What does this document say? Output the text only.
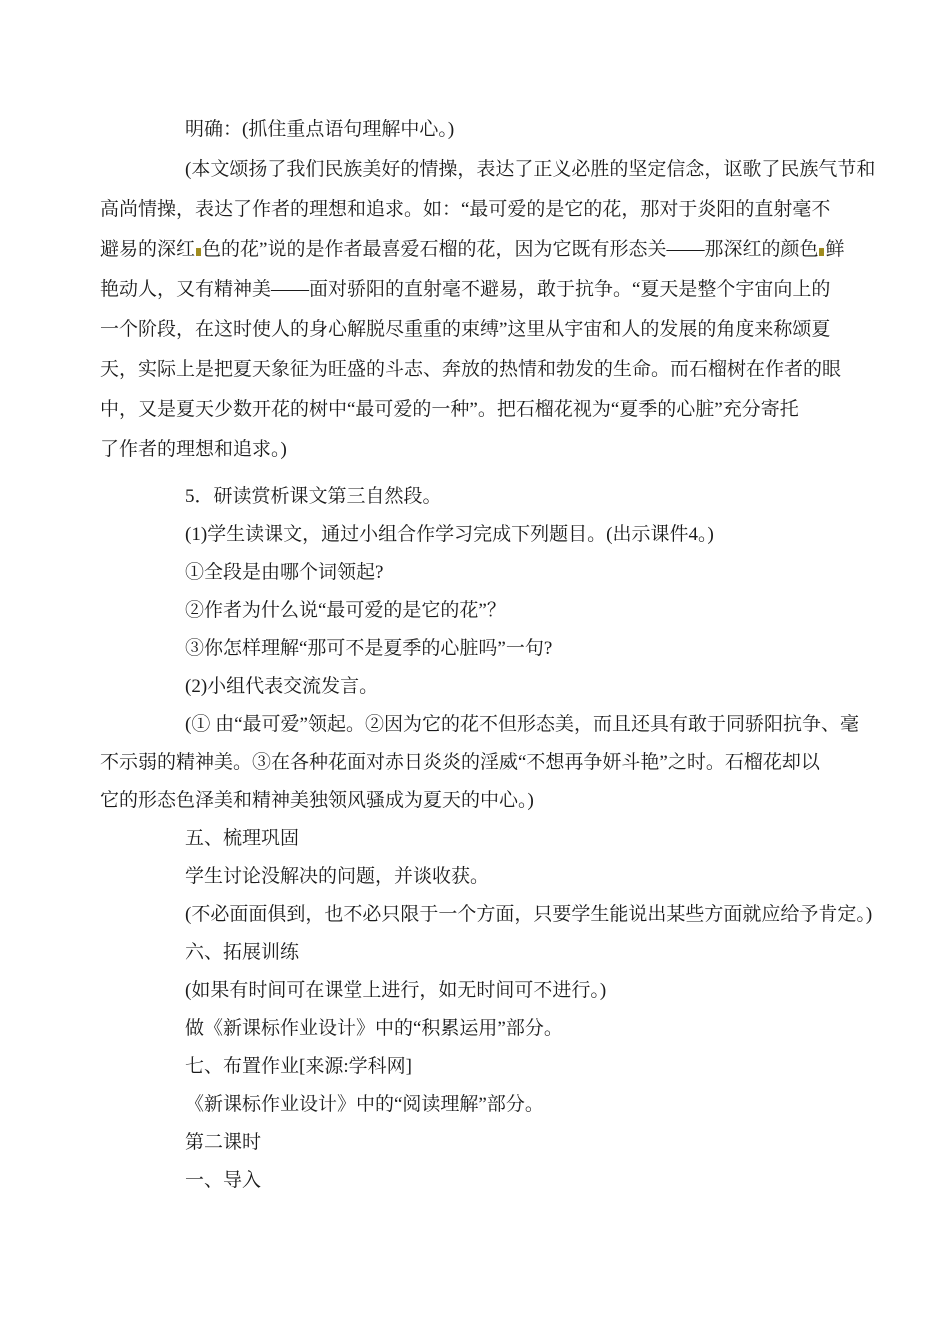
明确：(抓住重点语句理解中心。)

(本文颂扬了我们民族美好的情操，表达了正义必胜的坚定信念，讴歌了民族气节和

高尚情操，表达了作者的理想和追求。如：“最可爱的是它的花，那对于炎阳的直射毫不

避易的深红 色的花”说的是作者最喜爱石榴的花，因为它既有形态关——那深红的颜色 鲜

艳动人，又有精神美——面对骄阳的直射毫不避易，敢于抗争。“夏天是整个宇宙向上的

一个阶段，在这时使人的身心解脱尽重重的束缚”这里从宇宙和人的发展的角度来称颂夏

天，实际上是把夏天象征为旺盛的斗志、奔放的热情和勃发的生命。而石榴树在作者的眼

中，又是夏天少数开花的树中“最可爱的一种”。把石榴花视为“夏季的心脏”充分寄托

了作者的理想和追求。)

5．研读赏析课文第三自然段。

(1)学生读课文，通过小组合作学习完成下列题目。(出示课件4。)

①全段是由哪个词领起?

②作者为什么说“最可爱的是它的花”？

③你怎样理解“那可不是夏季的心脏吗”一句?

(2)小组代表交流发言。

(① 由“最可爱”领起。②因为它的花不但形态美，而且还具有敢于同骄阳抗争、毫

不示弱的精神美。③在各种花面对赤日炎炎的淫威“不想再争妍斗艳”之时。石榴花却以

它的形态色泽美和精神美独领风骚成为夏天的中心。)

五、梳理巩固

学生讨论没解决的问题，并谈收获。

(不必面面俱到，也不必只限于一个方面，只要学生能说出某些方面就应给予肯定。)

六、拓展训练

(如果有时间可在课堂上进行，如无时间可不进行。)

做《新课标作业设计》中的“积累运用”部分。

七、布置作业[来源:学科网]

《新课标作业设计》中的“阅读理解”部分。

第二课时

一、导入
